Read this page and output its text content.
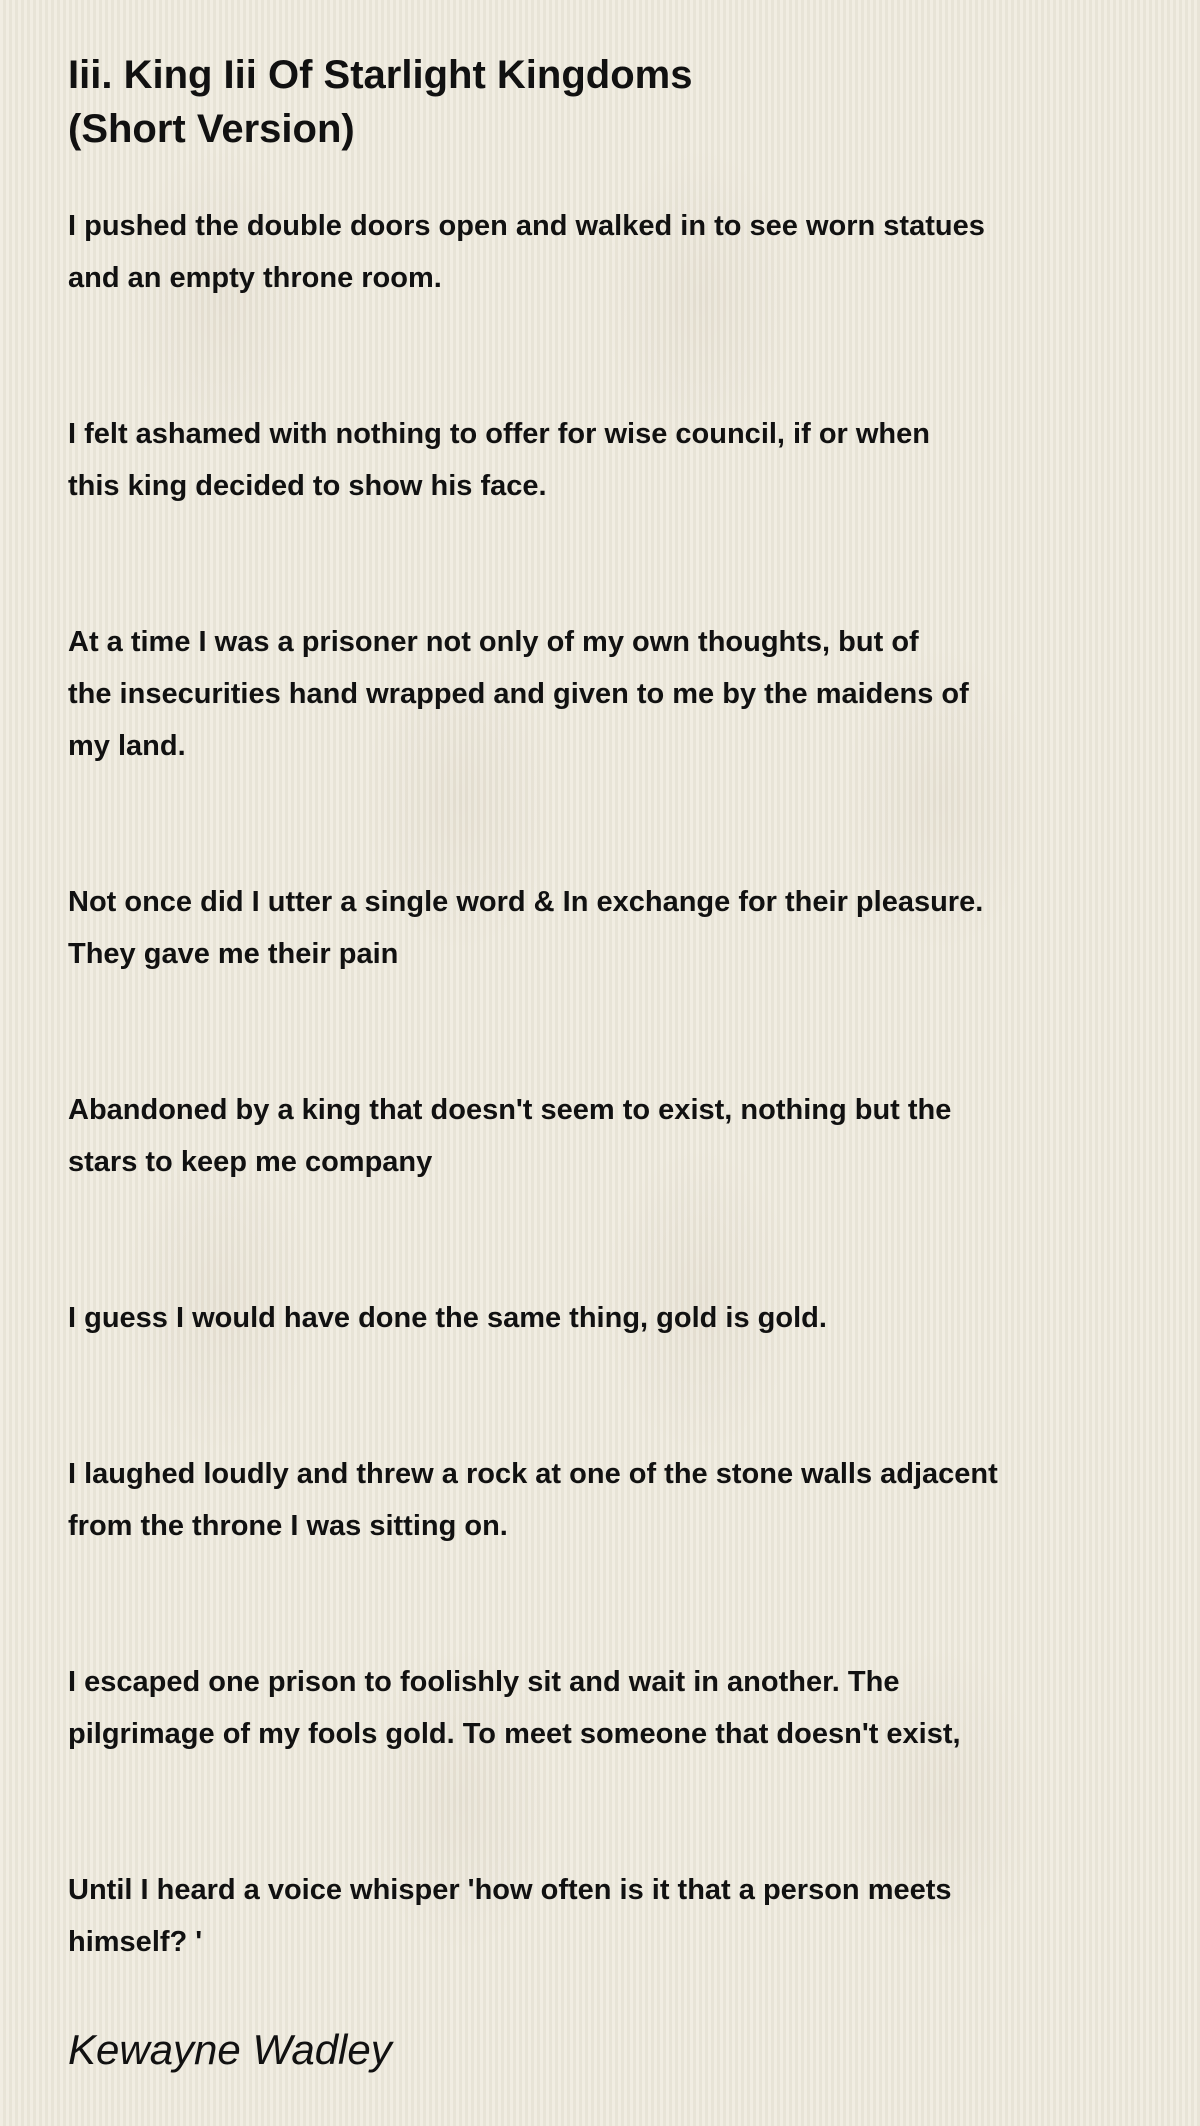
Iii. King Iii Of Starlight Kingdoms
(Short Version)

I pushed the double doors open and walked in to see worn statues
and an empty throne room.

I felt ashamed with nothing to offer for wise council, if or when
this king decided to show his face.

At a time I was a prisoner not only of my own thoughts, but of
the insecurities hand wrapped and given to me by the maidens of
my land.

Not once did I utter a single word & In exchange for their pleasure.
They gave me their pain

Abandoned by a king that doesn't seem to exist, nothing but the
stars to keep me company

I guess I would have done the same thing, gold is gold.

I laughed loudly and threw a rock at one of the stone walls adjacent
from the throne I was sitting on.

I escaped one prison to foolishly sit and wait in another. The
pilgrimage of my fools gold. To meet someone that doesn't exist,

Until I heard a voice whisper 'how often is it that a person meets
himself? '

Kewayne Wadley
